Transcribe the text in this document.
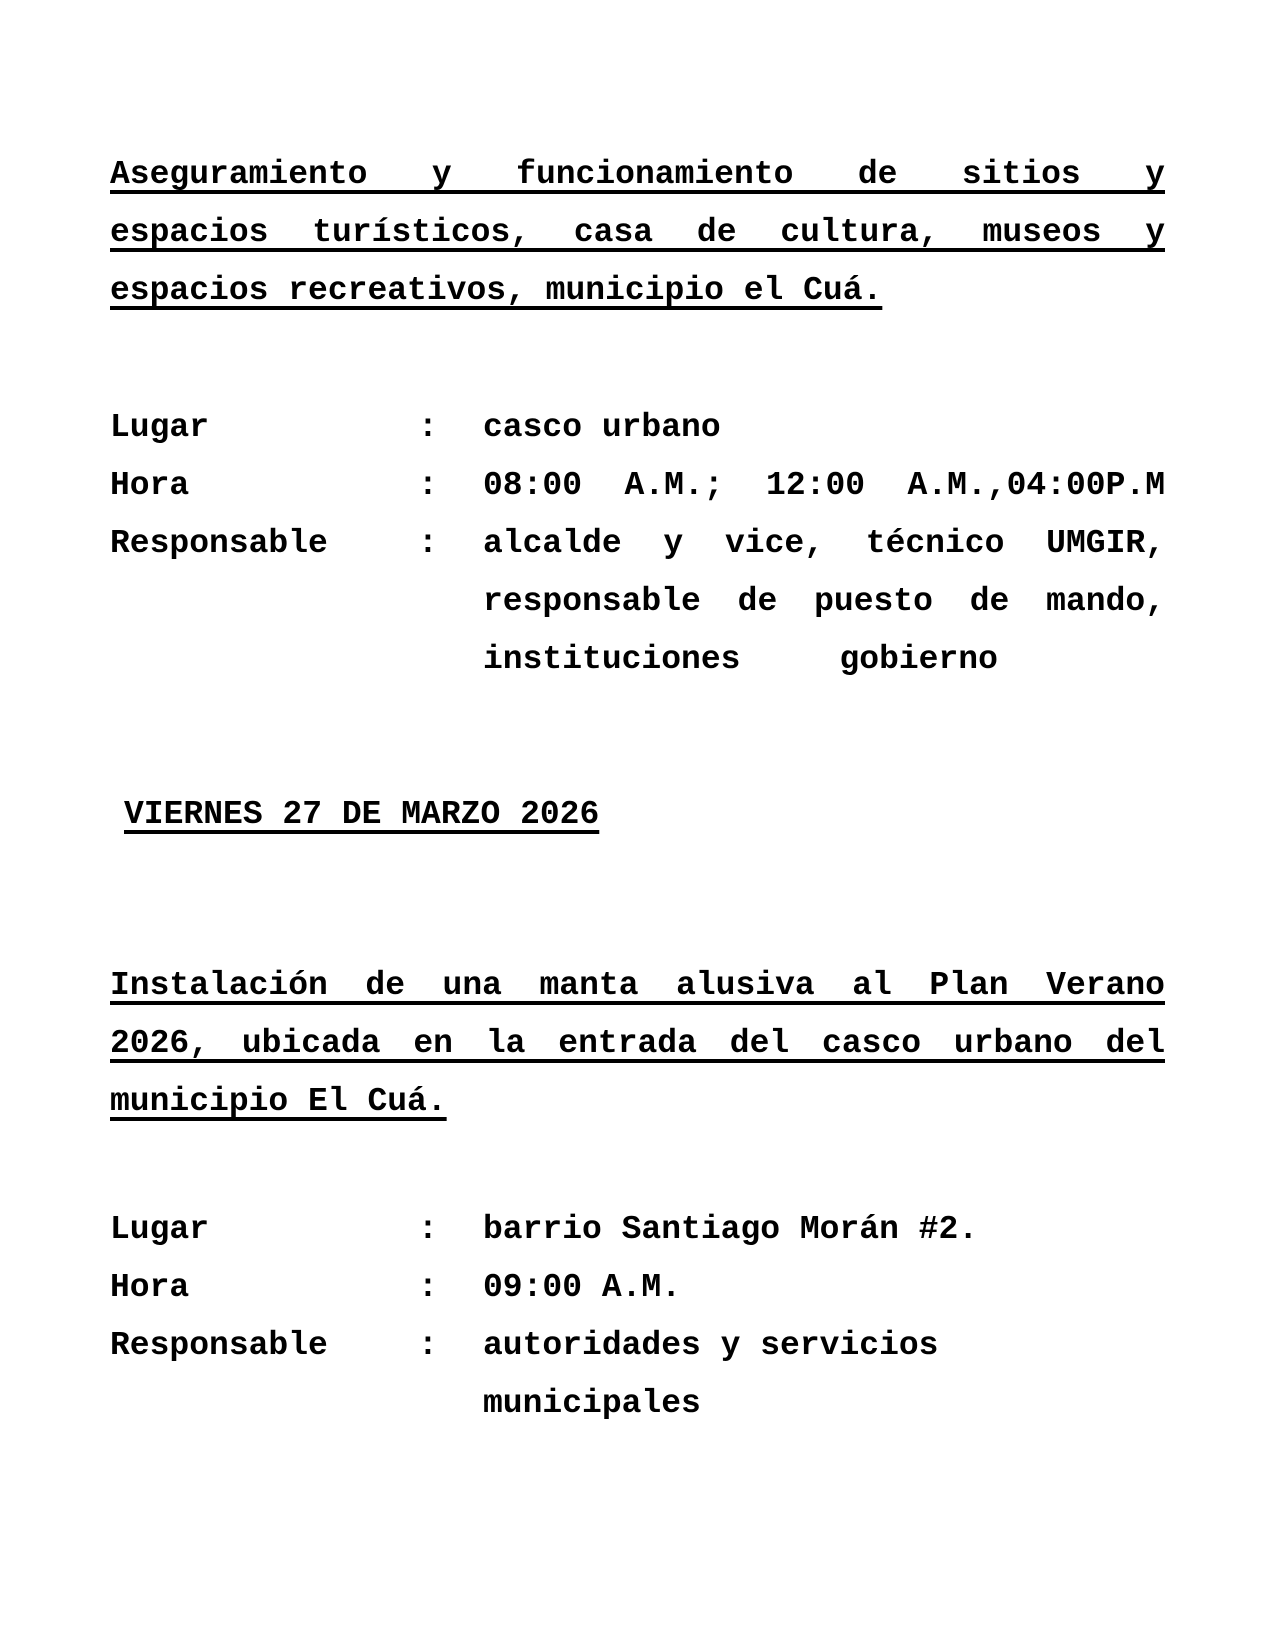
Aseguramiento y funcionamiento de sitios y
espacios turísticos, casa de cultura, museos y
espacios recreativos, municipio el Cuá.
Lugar	: casco urbano
Hora	: 08:00 A.M.; 12:00 A.M.,04:00P.M
Responsable	: alcalde y vice, técnico UMGIR,
responsable de puesto de mando,
instituciones     gobierno
VIERNES 27 DE MARZO 2026
Instalación de una manta alusiva al Plan Verano
2026, ubicada en la entrada del casco urbano del
municipio El Cuá.
Lugar	: barrio Santiago Morán #2.
Hora	: 09:00 A.M.
Responsable	: autoridades y servicios
municipales
